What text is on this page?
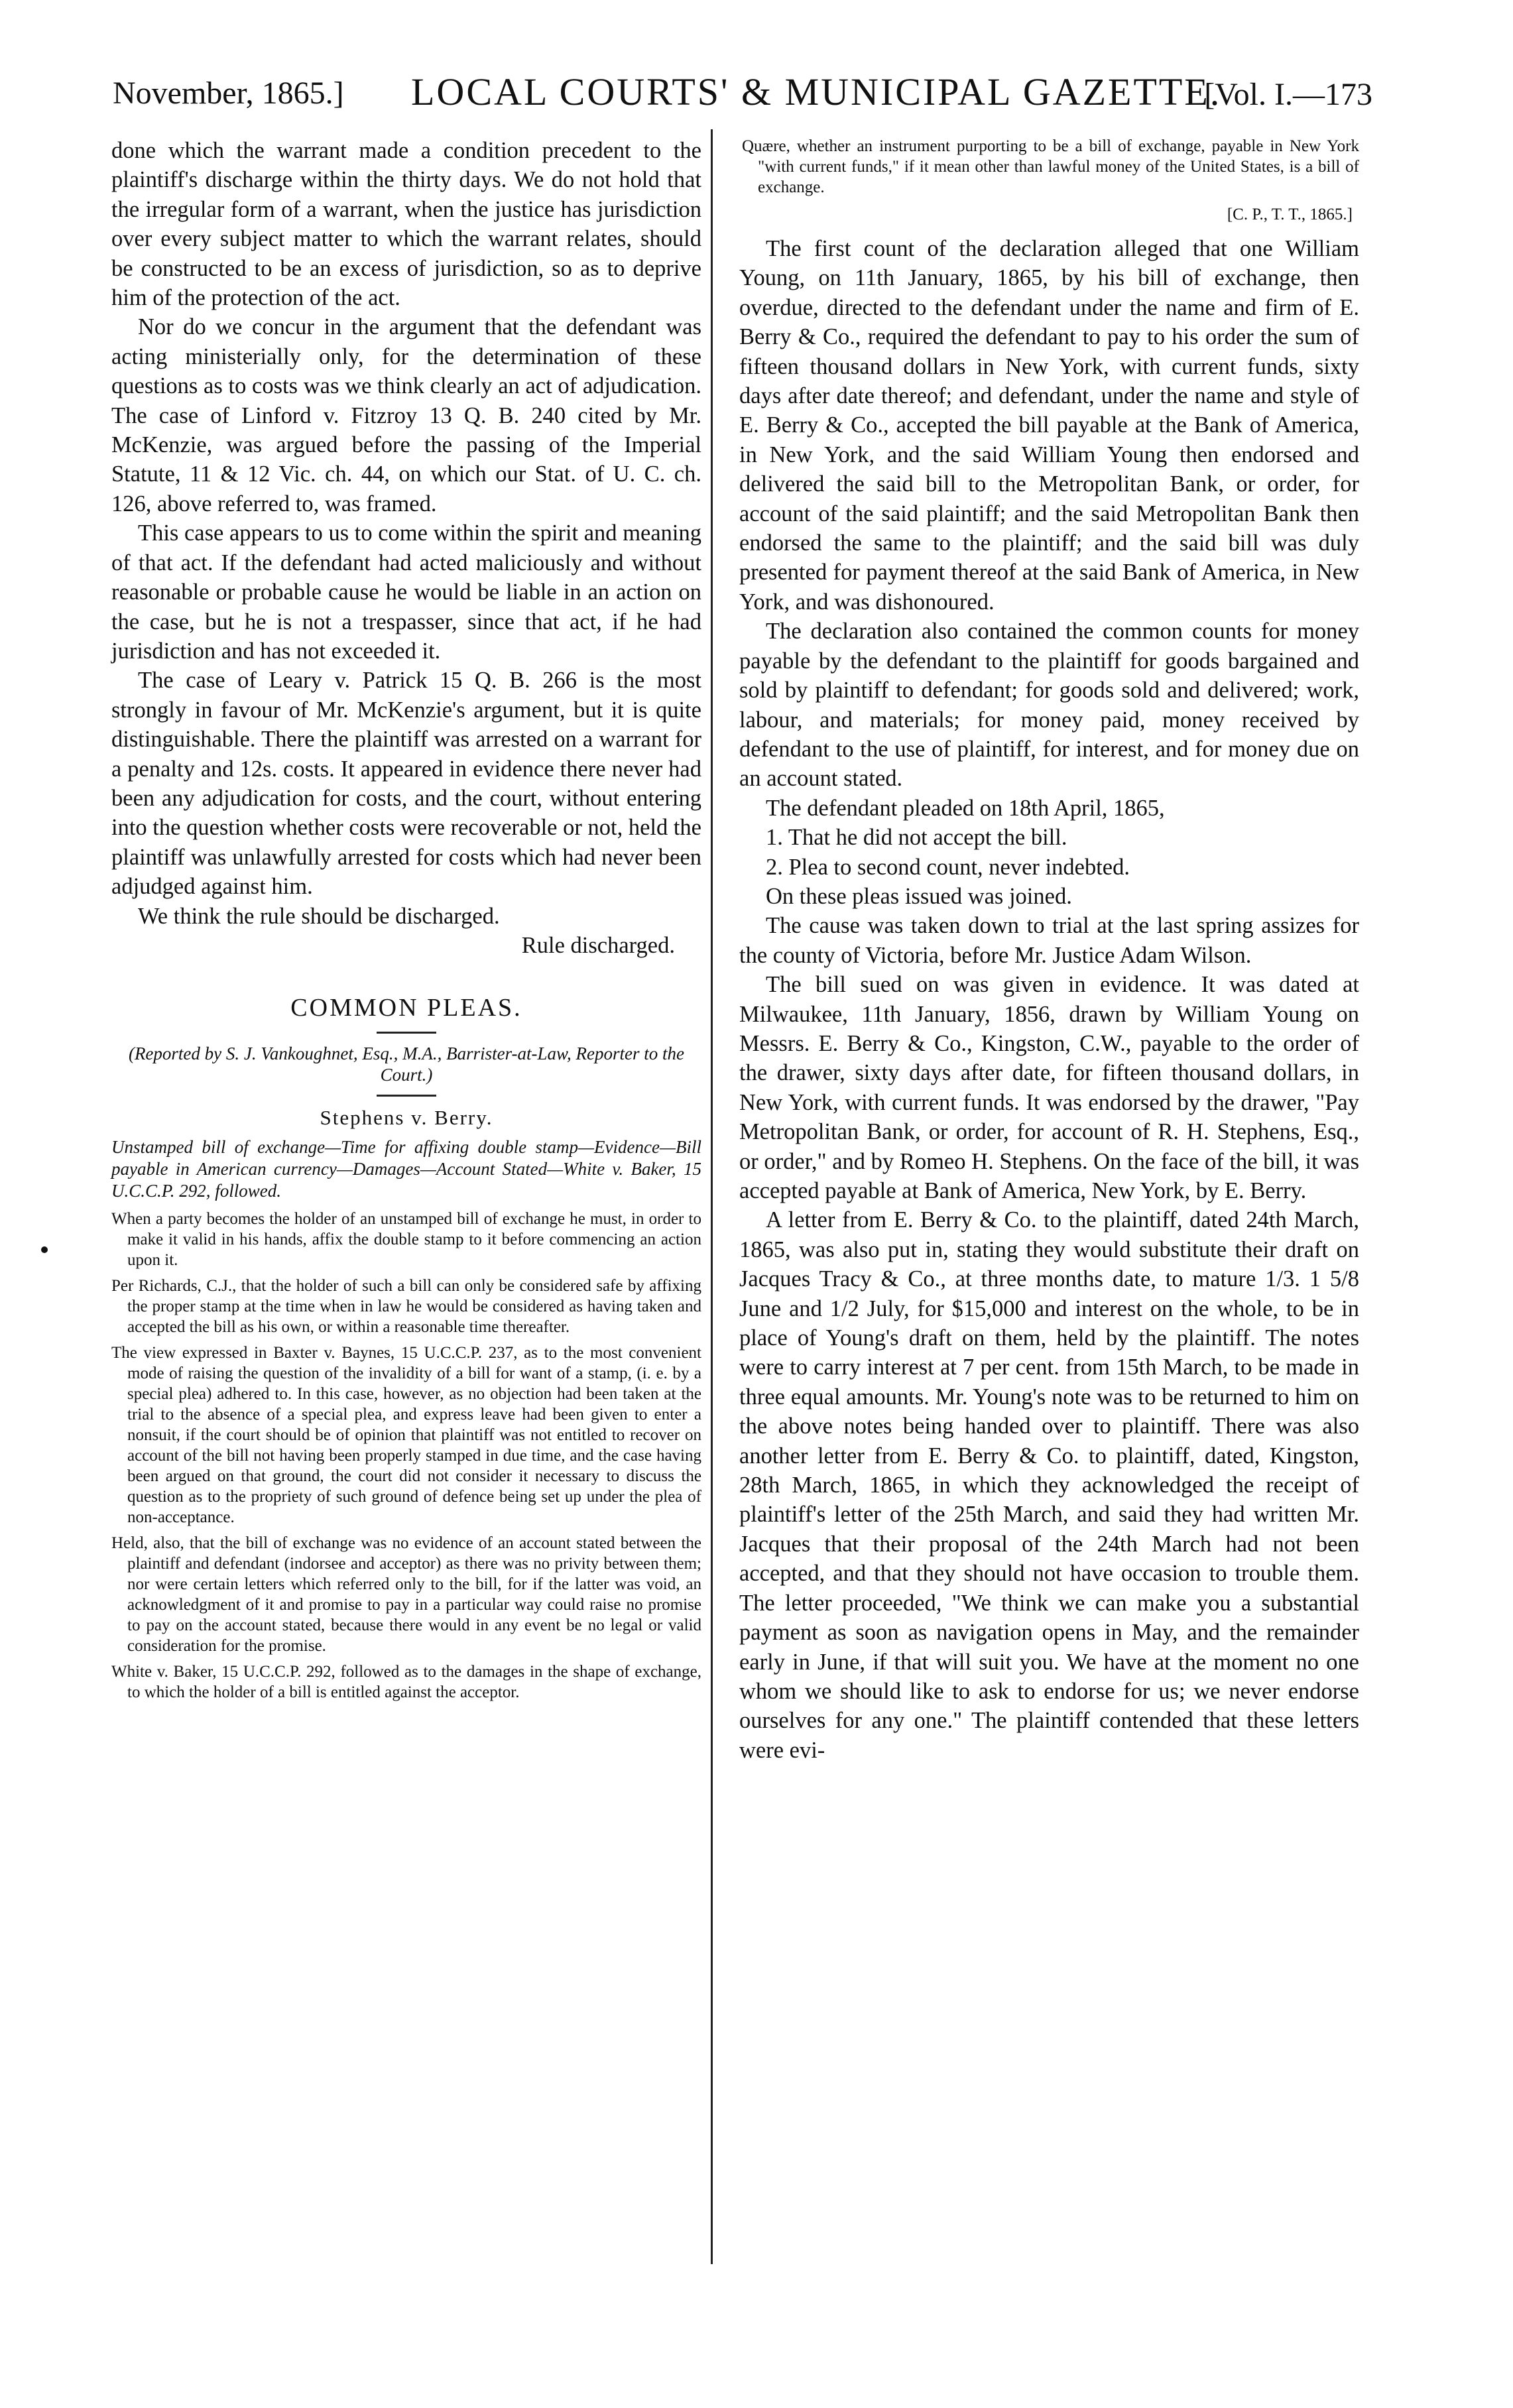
November, 1865.] LOCAL COURTS' & MUNICIPAL GAZETTE.
[Vol. I.—173

done which the warrant made a condition precedent to the plaintiff's discharge within the thirty days. We do not hold that the irregular form of a warrant, when the justice has jurisdiction over every subject matter to which the warrant relates, should be constructed to be an excess of jurisdiction, so as to deprive him of the protection of the act.

Nor do we concur in the argument that the defendant was acting ministerially only, for the determination of these questions as to costs was we think clearly an act of adjudication. The case of Linford v. Fitzroy 13 Q. B. 240 cited by Mr. McKenzie, was argued before the passing of the Imperial Statute, 11 & 12 Vic. ch. 44, on which our Stat. of U. C. ch. 126, above referred to, was framed.

This case appears to us to come within the spirit and meaning of that act. If the defendant had acted maliciously and without reasonable or probable cause he would be liable in an action on the case, but he is not a trespasser, since that act, if he had jurisdiction and has not exceeded it.

The case of Leary v. Patrick 15 Q. B. 266 is the most strongly in favour of Mr. McKenzie's argument, but it is quite distinguishable. There the plaintiff was arrested on a warrant for a penalty and 12s. costs. It appeared in evidence there never had been any adjudication for costs, and the court, without entering into the question whether costs were recoverable or not, held the plaintiff was unlawfully arrested for costs which had never been adjudged against him.

We think the rule should be discharged.

Rule discharged.

COMMON PLEAS.
(Reported by S. J. Vankoughnet, Esq., M.A., Barrister-at-Law, Reporter to the Court.)
Stephens v. Berry.
Unstamped bill of exchange—Time for affixing double stamp—Evidence—Bill payable in American currency—Damages—Account Stated—White v. Baker, 15 U.C.C.P. 292, followed.

When a party becomes the holder of an unstamped bill of exchange he must, in order to make it valid in his hands, affix the double stamp to it before commencing an action upon it.

Per Richards, C.J., that the holder of such a bill can only be considered safe by affixing the proper stamp at the time when in law he would be considered as having taken and accepted the bill as his own, or within a reasonable time thereafter.

The view expressed in Baxter v. Baynes, 15 U.C.C.P. 237, as to the most convenient mode of raising the question of the invalidity of a bill for want of a stamp, (i. e. by a special plea) adhered to. In this case, however, as no objection had been taken at the trial to the absence of a special plea, and express leave had been given to enter a nonsuit, if the court should be of opinion that plaintiff was not entitled to recover on account of the bill not having been properly stamped in due time, and the case having been argued on that ground, the court did not consider it necessary to discuss the question as to the propriety of such ground of defence being set up under the plea of non-acceptance.

Held, also, that the bill of exchange was no evidence of an account stated between the plaintiff and defendant (indorsee and acceptor) as there was no privity between them; nor were certain letters which referred only to the bill, for if the latter was void, an acknowledgment of it and promise to pay in a particular way could raise no promise to pay on the account stated, because there would in any event be no legal or valid consideration for the promise.

White v. Baker, 15 U.C.C.P. 292, followed as to the damages in the shape of exchange, to which the holder of a bill is entitled against the acceptor.

Quære, whether an instrument purporting to be a bill of exchange, payable in New York "with current funds," if it mean other than lawful money of the United States, is a bill of exchange.

[C. P., T. T., 1865.]

The first count of the declaration alleged that one William Young, on 11th January, 1865, by his bill of exchange, then overdue, directed to the defendant under the name and firm of E. Berry & Co., required the defendant to pay to his order the sum of fifteen thousand dollars in New York, with current funds, sixty days after date thereof; and defendant, under the name and style of E. Berry & Co., accepted the bill payable at the Bank of America, in New York, and the said William Young then endorsed and delivered the said bill to the Metropolitan Bank, or order, for account of the said plaintiff; and the said Metropolitan Bank then endorsed the same to the plaintiff; and the said bill was duly presented for payment thereof at the said Bank of America, in New York, and was dishonoured.

The declaration also contained the common counts for money payable by the defendant to the plaintiff for goods bargained and sold by plaintiff to defendant; for goods sold and delivered; work, labour, and materials; for money paid, money received by defendant to the use of plaintiff, for interest, and for money due on an account stated.

The defendant pleaded on 18th April, 1865,

1. That he did not accept the bill.

2. Plea to second count, never indebted.

On these pleas issued was joined.

The cause was taken down to trial at the last spring assizes for the county of Victoria, before Mr. Justice Adam Wilson.

The bill sued on was given in evidence. It was dated at Milwaukee, 11th January, 1856, drawn by William Young on Messrs. E. Berry & Co., Kingston, C.W., payable to the order of the drawer, sixty days after date, for fifteen thousand dollars, in New York, with current funds. It was endorsed by the drawer, "Pay Metropolitan Bank, or order, for account of R. H. Stephens, Esq., or order," and by Romeo H. Stephens. On the face of the bill, it was accepted payable at Bank of America, New York, by E. Berry.

A letter from E. Berry & Co. to the plaintiff, dated 24th March, 1865, was also put in, stating they would substitute their draft on Jacques Tracy & Co., at three months date, to mature 1/3. 1 5/8 June and 1/2 July, for $15,000 and interest on the whole, to be in place of Young's draft on them, held by the plaintiff. The notes were to carry interest at 7 per cent. from 15th March, to be made in three equal amounts. Mr. Young's note was to be returned to him on the above notes being handed over to plaintiff. There was also another letter from E. Berry & Co. to plaintiff, dated, Kingston, 28th March, 1865, in which they acknowledged the receipt of plaintiff's letter of the 25th March, and said they had written Mr. Jacques that their proposal of the 24th March had not been accepted, and that they should not have occasion to trouble them. The letter proceeded, "We think we can make you a substantial payment as soon as navigation opens in May, and the remainder early in June, if that will suit you. We have at the moment no one whom we should like to ask to endorse for us; we never endorse ourselves for any one." The plaintiff contended that these letters were evi-
